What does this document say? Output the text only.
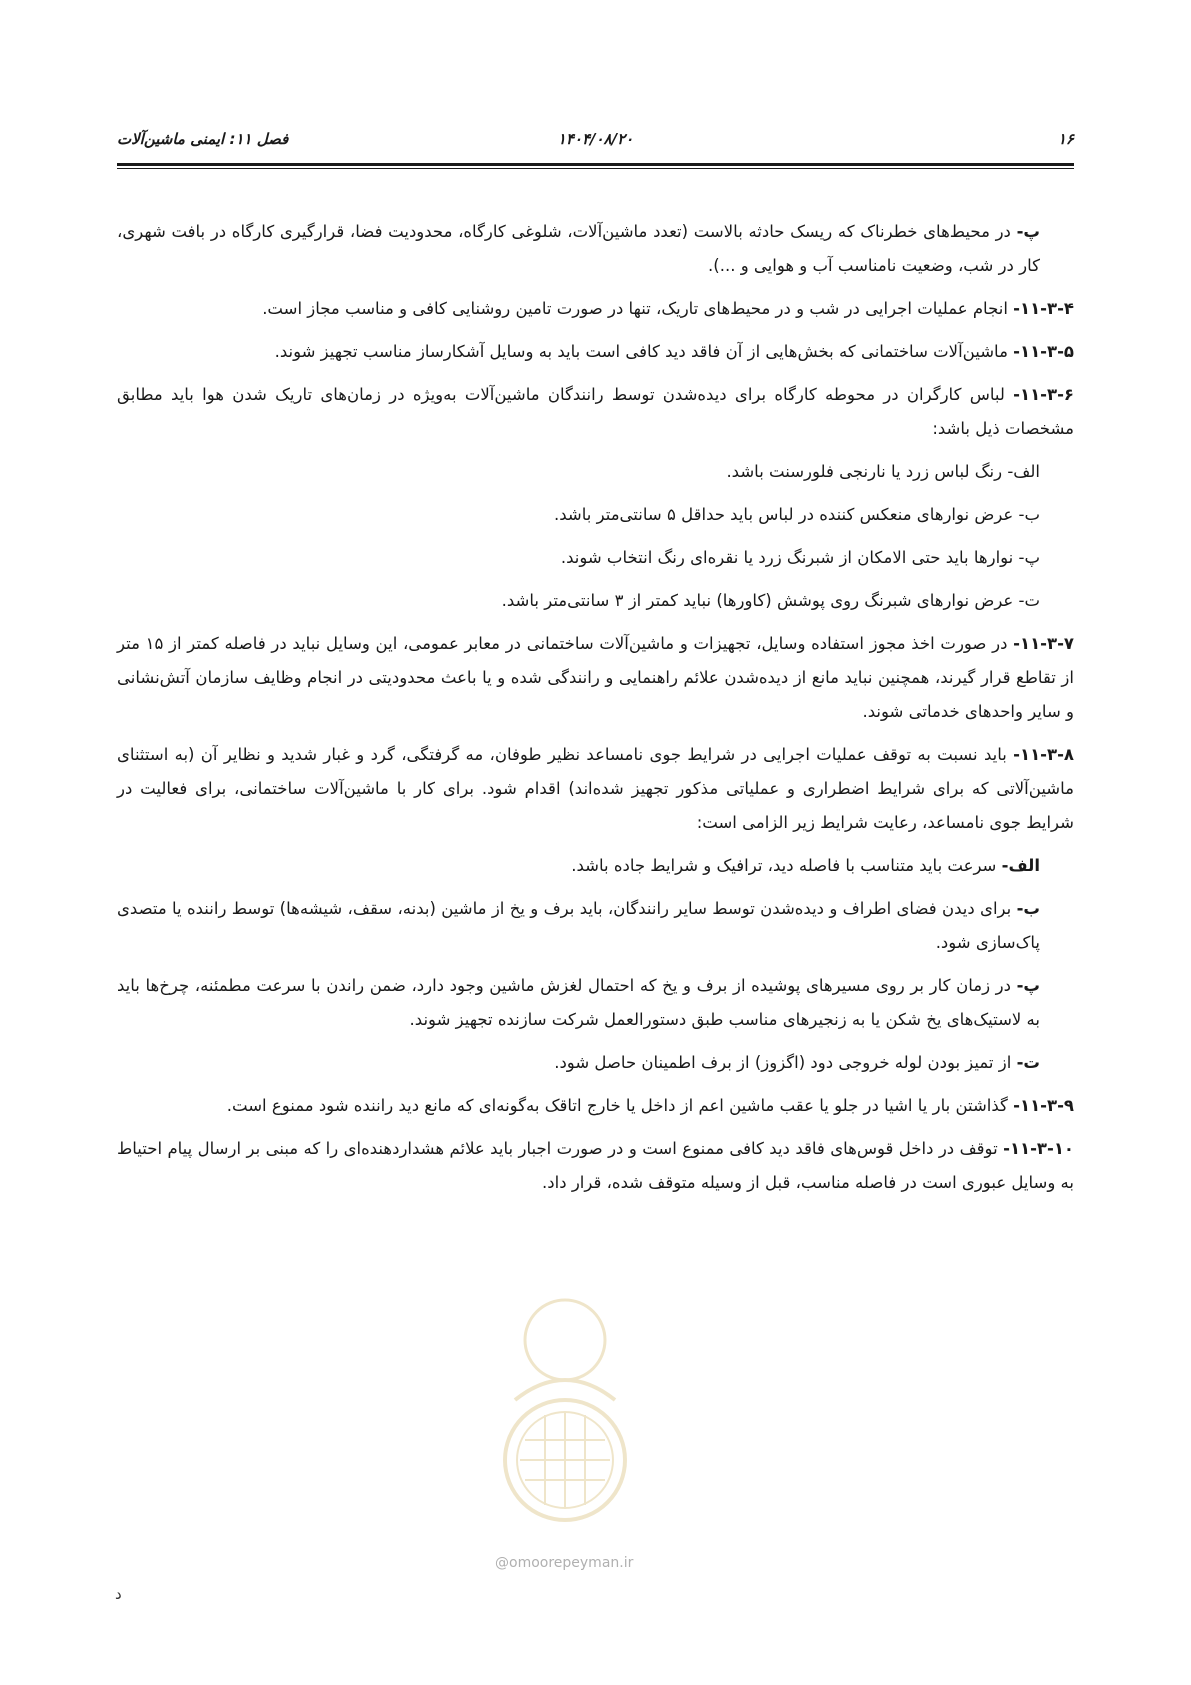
۱۶
۱۴۰۴/۰۸/۲۰
فصل ۱۱: ایمنی ماشین‌آلات

پ- در محیط‌های خطرناک که ریسک حادثه بالاست (تعدد ماشین‌آلات، شلوغی کارگاه، محدودیت فضا، قرارگیری کارگاه در بافت شهری، کار در شب، وضعیت نامناسب آب و هوایی و ...).

۱۱-۳-۴- انجام عملیات اجرایی در شب و در محیط‌های تاریک، تنها در صورت تامین روشنایی کافی و مناسب مجاز است.

۱۱-۳-۵- ماشین‌آلات ساختمانی که بخش‌هایی از آن فاقد دید کافی است باید به وسایل آشکارساز مناسب تجهیز شوند.

۱۱-۳-۶- لباس کارگران در محوطه کارگاه برای دیده‌شدن توسط رانندگان ماشین‌آلات به‌ویژه در زمان‌های تاریک شدن هوا باید مطابق مشخصات ذیل باشد:

الف- رنگ لباس زرد یا نارنجی فلورسنت باشد.

ب- عرض نوارهای منعکس کننده در لباس باید حداقل ۵ سانتی‌متر باشد.

پ- نوارها باید حتی الامکان از شبرنگ زرد یا نقره‌ای رنگ انتخاب شوند.

ت- عرض نوارهای شبرنگ روی پوشش (کاورها) نباید کمتر از ۳ سانتی‌متر باشد.

۱۱-۳-۷- در صورت اخذ مجوز استفاده وسایل، تجهیزات و ماشین‌آلات ساختمانی در معابر عمومی، این وسایل نباید در فاصله کمتر از ۱۵ متر از تقاطع قرار گیرند، همچنین نباید مانع از دیده‌شدن علائم راهنمایی و رانندگی شده و یا باعث محدودیتی در انجام وظایف سازمان آتش‌نشانی و سایر واحدهای خدماتی شوند.

۱۱-۳-۸- باید نسبت به توقف عملیات اجرایی در شرایط جوی نامساعد نظیر طوفان، مه گرفتگی، گرد و غبار شدید و نظایر آن (به استثنای ماشین‌آلاتی که برای شرایط اضطراری و عملیاتی مذکور تجهیز شده‌اند) اقدام شود. برای کار با ماشین‌آلات ساختمانی، برای فعالیت در شرایط جوی نامساعد، رعایت شرایط زیر الزامی است:

الف- سرعت باید متناسب با فاصله دید، ترافیک و شرایط جاده باشد.

ب- برای دیدن فضای اطراف و دیده‌شدن توسط سایر رانندگان، باید برف و یخ از ماشین (بدنه، سقف، شیشه‌ها) توسط راننده یا متصدی پاک‌سازی شود.

پ- در زمان کار بر روی مسیرهای پوشیده از برف و یخ که احتمال لغزش ماشین وجود دارد، ضمن راندن با سرعت مطمئنه، چرخ‌ها باید به لاستیک‌های یخ شکن یا به زنجیرهای مناسب طبق دستورالعمل شرکت سازنده تجهیز شوند.

ت- از تمیز بودن لوله خروجی دود (اگزوز) از برف اطمینان حاصل شود.

۱۱-۳-۹- گذاشتن بار یا اشیا در جلو یا عقب ماشین اعم از داخل یا خارج اتاقک به‌گونه‌ای که مانع دید راننده شود ممنوع است.

۱۱-۳-۱۰- توقف در داخل قوس‌های فاقد دید کافی ممنوع است و در صورت اجبار باید علائم هشداردهنده‌ای را که مبنی بر ارسال پیام احتیاط به وسایل عبوری است در فاصله مناسب، قبل از وسیله متوقف شده، قرار داد.

@omoorepeyman.ir
د
